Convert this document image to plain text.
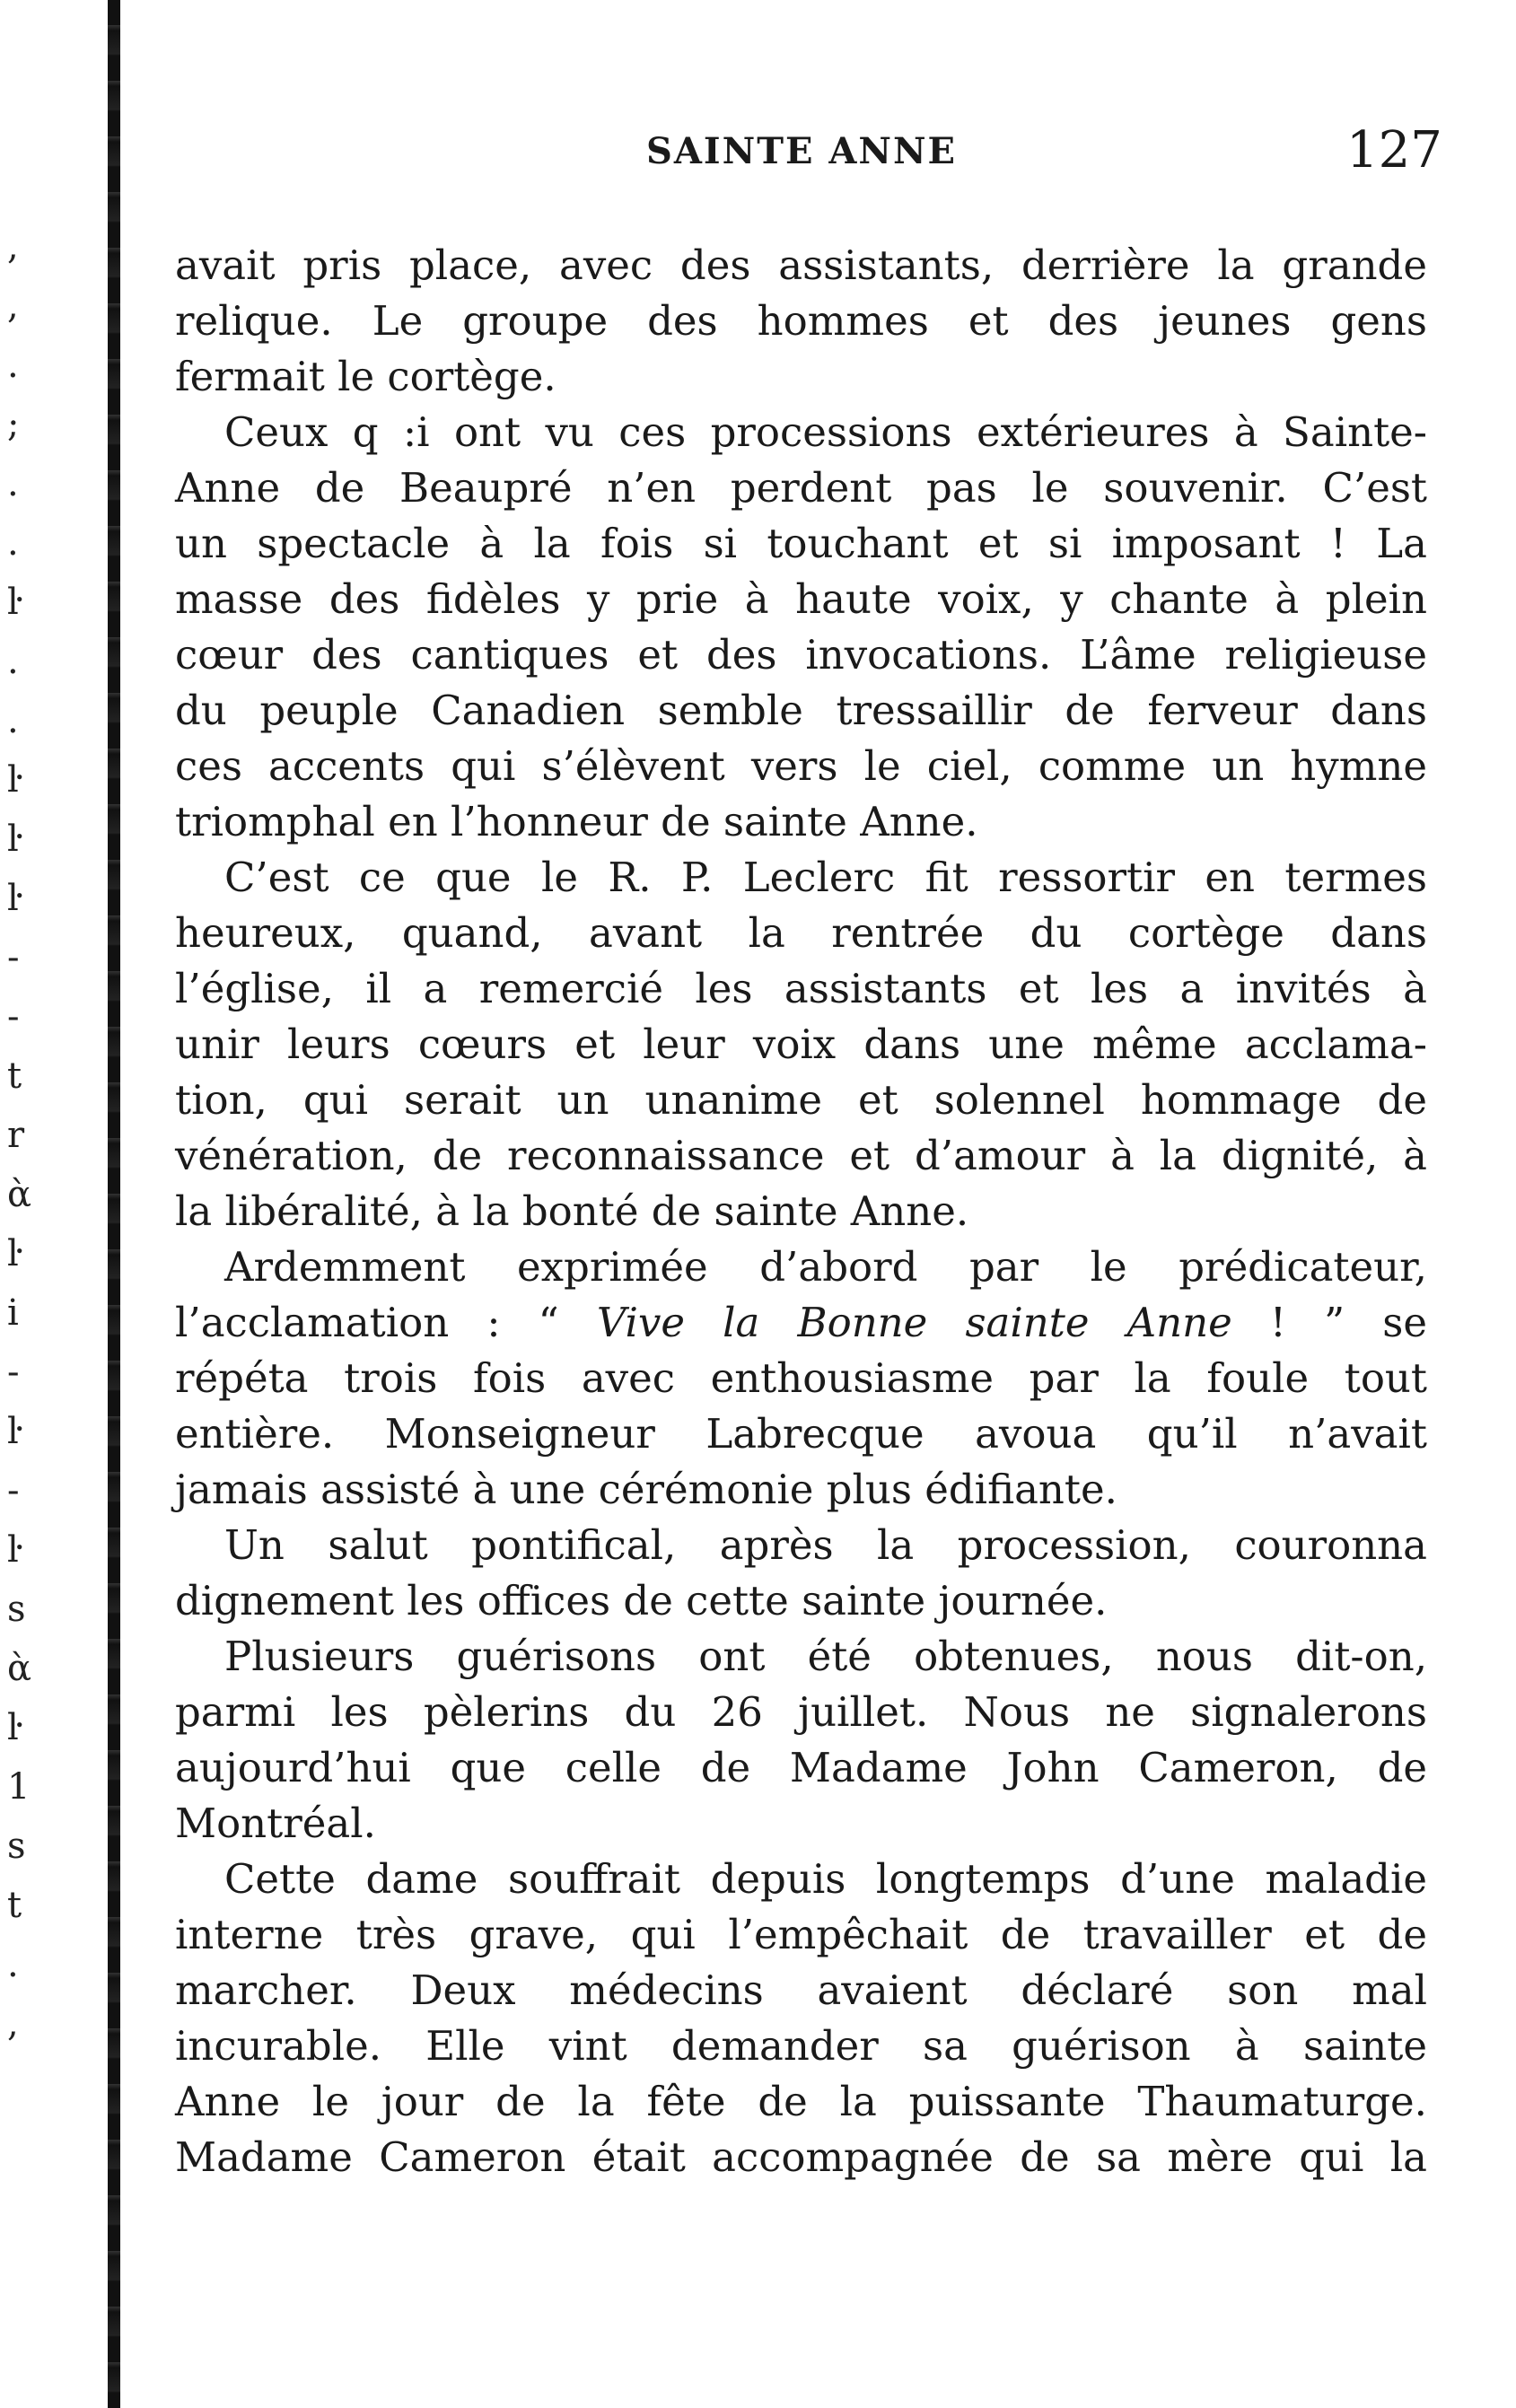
,
,
.
;
.
.
ŀ
.
.
ŀ
ŀ
ŀ
-
-
t
r
ὰ
ŀ
i
-
ŀ
-
ŀ
s
ὰ
ŀ
1
s
t
.
,
SAINTE ANNE	127
avait pris place, avec des assistants, derrière la grande
relique. Le groupe des hommes et des jeunes gens
fermait le cortège.
Ceux q :i ont vu ces processions extérieures à Sainte-
Anne de Beaupré n’en perdent pas le souvenir. C’est
un spectacle à la fois si touchant et si imposant ! La
masse des fidèles y prie à haute voix, y chante à plein
cœur des cantiques et des invocations. L’âme religieuse
du peuple Canadien semble tressaillir de ferveur dans
ces accents qui s’élèvent vers le ciel, comme un hymne
triomphal en l’honneur de sainte Anne.
C’est ce que le R. P. Leclerc fit ressortir en termes
heureux, quand, avant la rentrée du cortège dans
l’église, il a remercié les assistants et les a invités à
unir leurs cœurs et leur voix dans une même acclama-
tion, qui serait un unanime et solennel hommage de
vénération, de reconnaissance et d’amour à la dignité, à
la libéralité, à la bonté de sainte Anne.
Ardemment exprimée d’abord par le prédicateur,
l’acclamation : “ Vive la Bonne sainte Anne ! ” se
répéta trois fois avec enthousiasme par la foule tout
entière. Monseigneur Labrecque avoua qu’il n’avait
jamais assisté à une cérémonie plus édifiante.
Un salut pontifical, après la procession, couronna
dignement les offices de cette sainte journée.
Plusieurs guérisons ont été obtenues, nous dit-on,
parmi les pèlerins du 26 juillet. Nous ne signalerons
aujourd’hui que celle de Madame John Cameron, de
Montréal.
Cette dame souffrait depuis longtemps d’une maladie
interne très grave, qui l’empêchait de travailler et de
marcher. Deux médecins avaient déclaré son mal
incurable. Elle vint demander sa guérison à sainte
Anne le jour de la fête de la puissante Thaumaturge.
Madame Cameron était accompagnée de sa mère qui la
